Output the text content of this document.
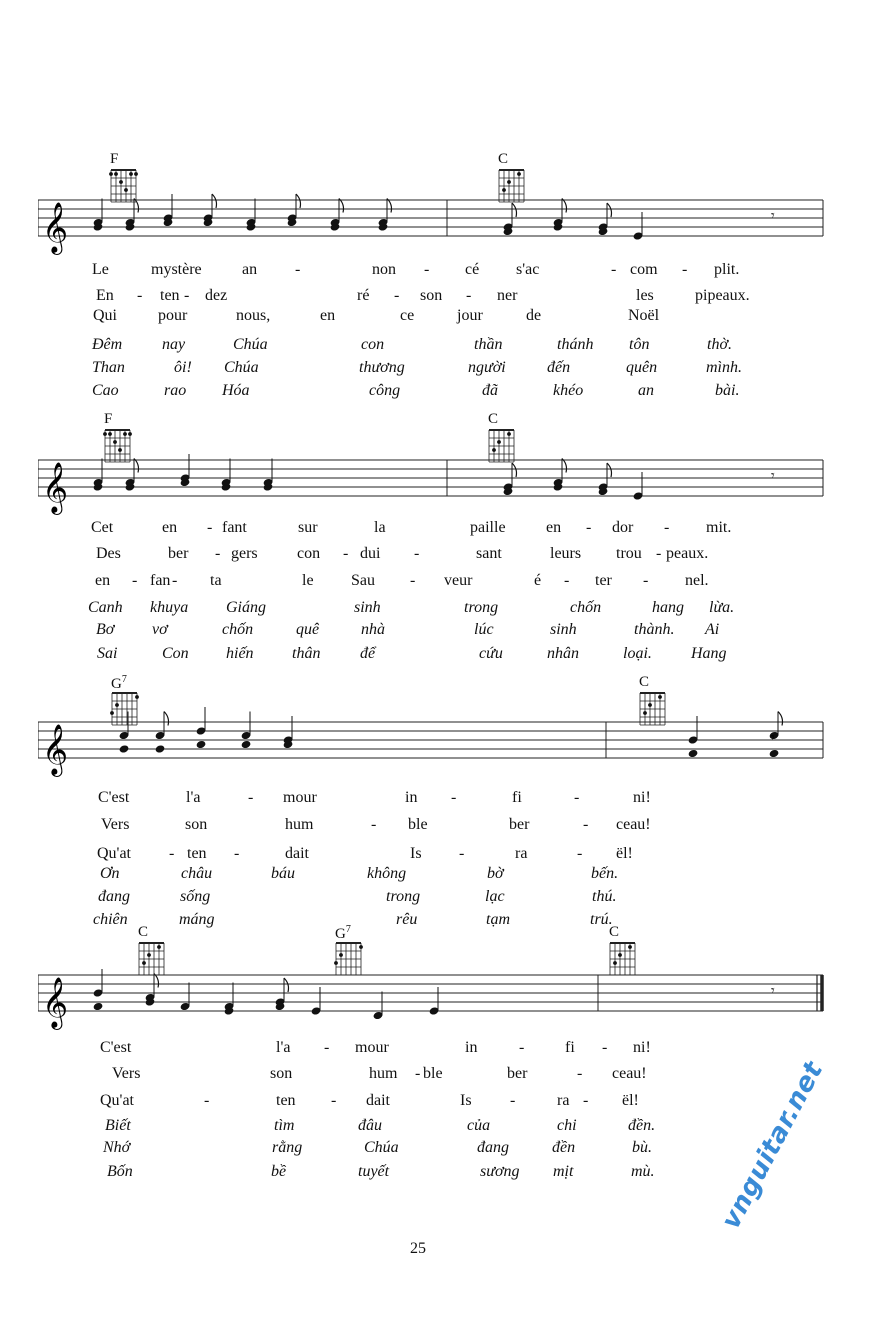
𝄞	𝄾
F	C
Le	mystère	an -	non - cé s'ac	- com - plit.
En - ten - dez	ré - son - ner	les	pipeaux.
Qui	pour	nous,	en	ce	jour	de	Noël
Đêm nay	Chúa	con	thần	thánh tôn	thờ.
Than	ôi! Chúa	thương	người	đến	quên	mình.
Cao	rao Hóa	công	đã	khéo	an	bài.
𝄞	𝄾
F	C
Cet	en - fant	sur	la	paille	en - dor - mit.
Des	ber - gers con - dui -	sant	leurs trou - peaux.
en - fan - ta	le Sau - veur	é - ter - nel.
Canh khuya Giáng	sinh	trong	chốn	hang lừa.
Bơ vơ	chốn	quê	nhà	lúc	sinh	thành. Ai
Sai	Con hiến thân để	cứu	nhân	loại. Hang
𝄞	𝄾
$G^7$	C
C'est	l'a	- mour	in -	fi	-	ni!
Vers	son	hum	- ble	ber	- ceau!
Qu'at - ten -	dait	Is -	ra	- ël!
Ơn	châu	báu	không	bờ	bến.
đang	sống	trong	lạc	thú.
chiên	máng	rêu	tạm	trú.
𝄞	𝄾
C	$G^7$	C
C'est	l'a - mour	in	-	fi - ni!
Vers	son	hum - ble	ber	- ceau!
Qu'at	-	ten - dait	Is -	ra - ël!
Biết	tìm	đâu	của	chi	đền.
Nhớ	rằng	Chúa	đang	đền	bù.
Bốn	bề	tuyết	sương mịt	mù.
25
vnguitar.net
